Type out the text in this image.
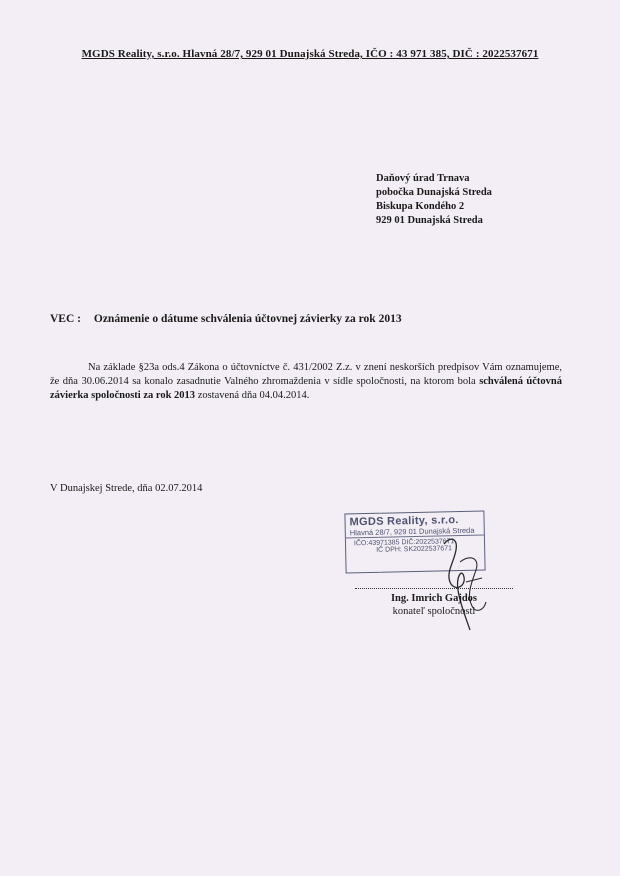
MGDS Reality, s.r.o. Hlavná 28/7, 929 01 Dunajská Streda, IČO : 43 971 385, DIČ : 2022537671
Daňový úrad Trnava
pobočka Dunajská Streda
Biskupa Kondého 2
929 01 Dunajská Streda
VEC : Oznámenie o dátume schválenia účtovnej závierky za rok 2013
Na základe §23a ods.4 Zákona o účtovníctve č. 431/2002 Z.z. v znení neskorších predpisov Vám oznamujeme, že dňa 30.06.2014 sa konalo zasadnutie Valného zhromaždenia v sídle spoločnosti, na ktorom bola schválená účtovná závierka spoločnosti za rok 2013 zostavená dňa 04.04.2014.
V Dunajskej Strede, dňa 02.07.2014
MGDS Reality, s.r.o.
Hlavná 28/7, 929 01 Dunajská Streda
IČO:43971385 DIČ:2022537671
IČ DPH: SK2022537671
Ing. Imrich Gajdos
konateľ spoločnosti
